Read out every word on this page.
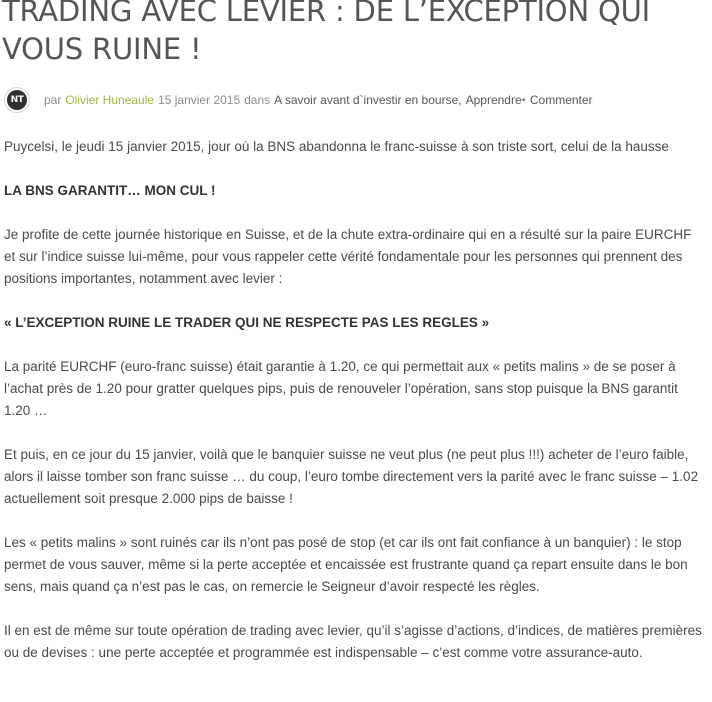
TRADING AVEC LEVIER : DE L’EXCEPTION QUI VOUS RUINE !
NT	par Olivier Huneaule 15 janvier 2015 dans A savoir avant d`investir en bourse , Apprendre • Commenter

Puycelsi, le jeudi 15 janvier 2015, jour où la BNS abandonna le franc-suisse à son triste sort, celui de la hausse

LA BNS GARANTIT… MON CUL !

Je profite de cette journée historique en Suisse, et de la chute extra-ordinaire qui en a résulté sur la paire EURCHF et sur l’indice suisse lui-même, pour vous rappeler cette vérité fondamentale pour les personnes qui prennent des positions importantes, notamment avec levier :

« L’EXCEPTION RUINE LE TRADER QUI NE RESPECTE PAS LES REGLES »

La parité EURCHF (euro-franc suisse) était garantie à 1.20, ce qui permettait aux « petits malins » de se poser à l’achat près de 1.20 pour gratter quelques pips, puis de renouveler l’opération, sans stop puisque la BNS garantit 1.20 …

Et puis, en ce jour du 15 janvier, voilà que le banquier suisse ne veut plus (ne peut plus !!!) acheter de l’euro faible, alors il laisse tomber son franc suisse … du coup, l’euro tombe directement vers la parité avec le franc suisse – 1.02 actuellement soit presque 2.000 pips de baisse !

Les « petits malins » sont ruinés car ils n’ont pas posé de stop (et car ils ont fait confiance à un banquier) : le stop permet de vous sauver, même si la perte acceptée et encaissée est frustrante quand ça repart ensuite dans le bon sens, mais quand ça n’est pas le cas, on remercie le Seigneur d’avoir respecté les règles.

Il en est de même sur toute opération de trading avec levier, qu’il s’agisse d’actions, d’indices, de matières premières ou de devises : une perte acceptée et programmée est indispensable – c’est comme votre assurance-auto.
